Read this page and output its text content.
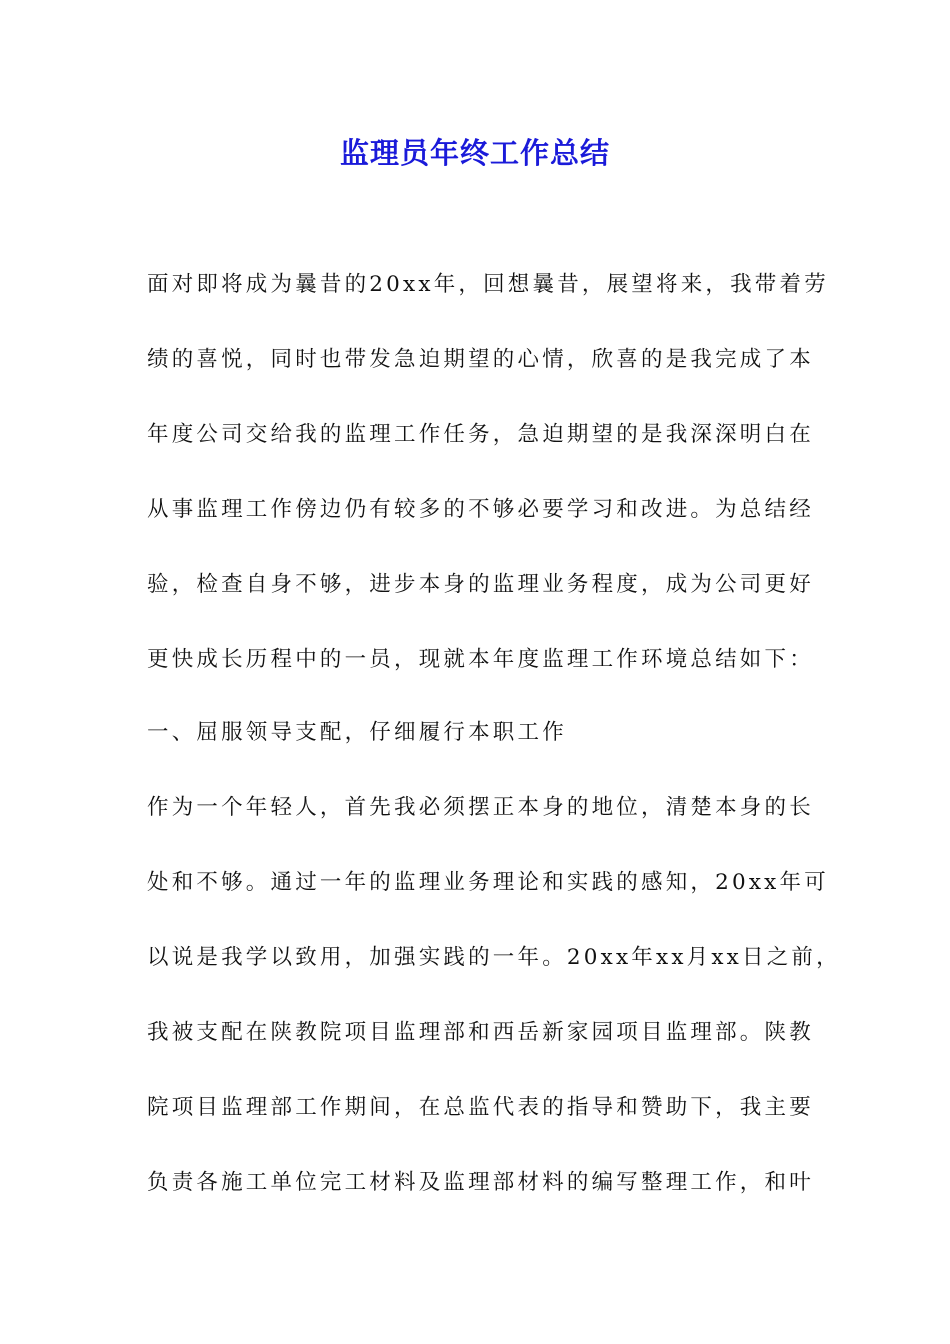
监理员年终工作总结

面对即将成为曩昔的20xx年，回想曩昔，展望将来，我带着劳

绩的喜悦，同时也带发急迫期望的心情，欣喜的是我完成了本

年度公司交给我的监理工作任务，急迫期望的是我深深明白在

从事监理工作傍边仍有较多的不够必要学习和改进。为总结经

验，检查自身不够，进步本身的监理业务程度，成为公司更好

更快成长历程中的一员，现就本年度监理工作环境总结如下：

一、屈服领导支配，仔细履行本职工作

作为一个年轻人，首先我必须摆正本身的地位，清楚本身的长

处和不够。通过一年的监理业务理论和实践的感知，20xx年可

以说是我学以致用，加强实践的一年。20xx年xx月xx日之前，

我被支配在陕教院项目监理部和西岳新家园项目监理部。陕教

院项目监理部工作期间，在总监代表的指导和赞助下，我主要

负责各施工单位完工材料及监理部材料的编写整理工作，和叶
